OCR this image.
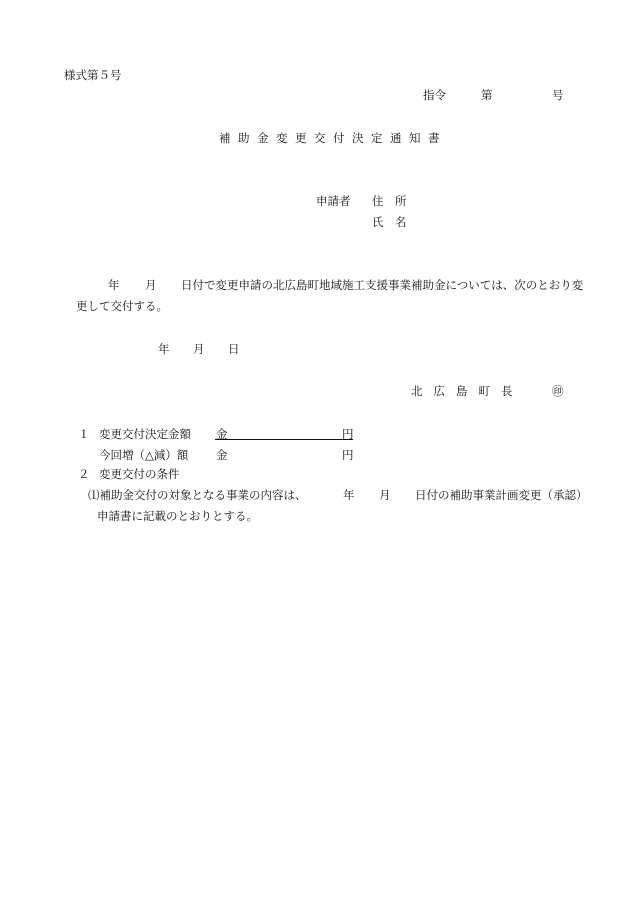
様式第５号
指令	第	号
補助金変更交付決定通知書
申請者 住　所
氏　名
年 月 日付で変更申請の北広島町地域施工支援事業補助金については、次のとおり変
更して交付する。
年 月 日
北広島町長 ㊞
１ 変更交付決定金額 金	円
今回増（△減）額 金	円
２ 変更交付の条件
⑴補助金交付の対象となる事業の内容は、	年 月 日付の補助事業計画変更（承認）
申請書に記載のとおりとする。
